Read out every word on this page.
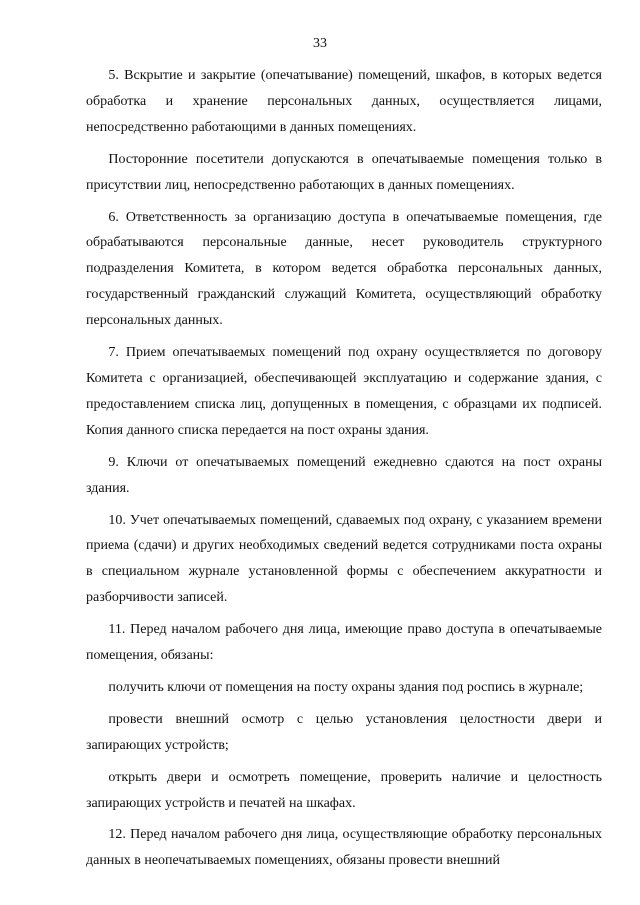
33

5. Вскрытие и закрытие (опечатывание) помещений, шкафов, в которых ведется обработка и хранение персональных данных, осуществляется лицами, непосредственно работающими в данных помещениях.

Посторонние посетители допускаются в опечатываемые помещения только в присутствии лиц, непосредственно работающих в данных помещениях.

6. Ответственность за организацию доступа в опечатываемые помещения, где обрабатываются персональные данные, несет руководитель структурного подразделения Комитета, в котором ведется обработка персональных данных, государственный гражданский служащий Комитета, осуществляющий обработку персональных данных.

7. Прием опечатываемых помещений под охрану осуществляется по договору Комитета с организацией, обеспечивающей эксплуатацию и содержание здания, с предоставлением списка лиц, допущенных в помещения, с образцами их подписей. Копия данного списка передается на пост охраны здания.

9. Ключи от опечатываемых помещений ежедневно сдаются на пост охраны здания.

10. Учет опечатываемых помещений, сдаваемых под охрану, с указанием времени приема (сдачи) и других необходимых сведений ведется сотрудниками поста охраны в специальном журнале установленной формы с обеспечением аккуратности и разборчивости записей.

11. Перед началом рабочего дня лица, имеющие право доступа в опечатываемые помещения, обязаны:

получить ключи от помещения на посту охраны здания под роспись в журнале;

провести внешний осмотр с целью установления целостности двери и запирающих устройств;

открыть двери и осмотреть помещение, проверить наличие и целостность запирающих устройств и печатей на шкафах.

12. Перед началом рабочего дня лица, осуществляющие обработку персональных данных в неопечатываемых помещениях, обязаны провести внешний
